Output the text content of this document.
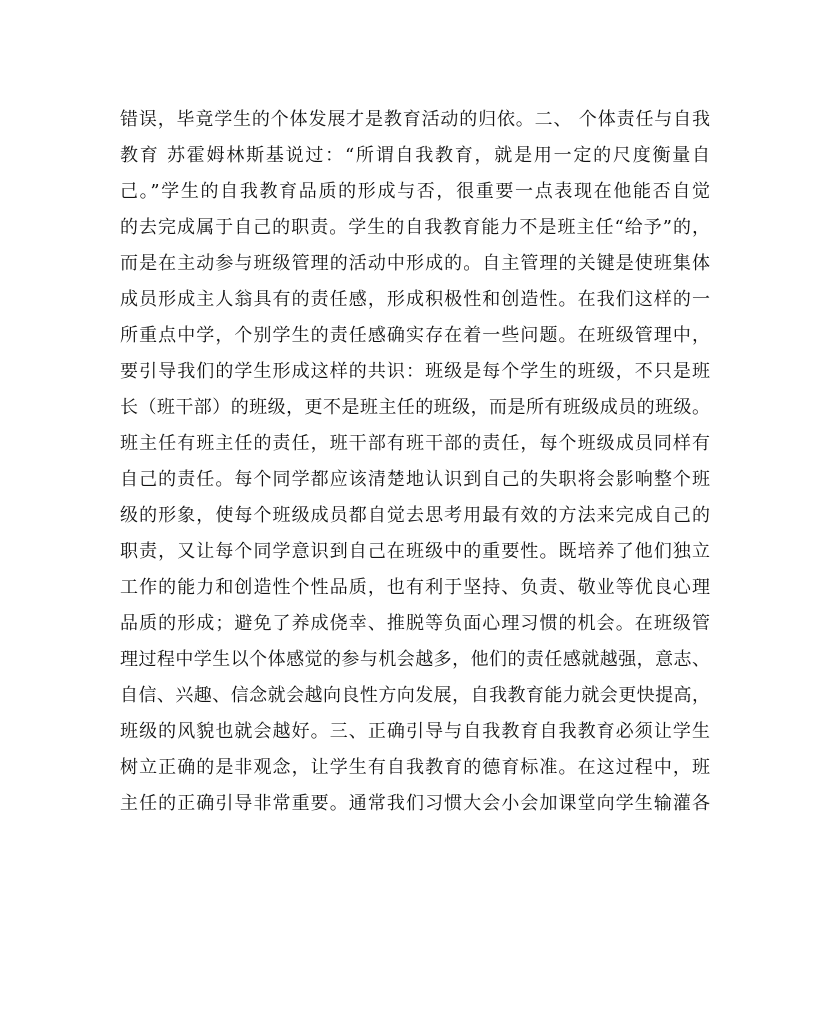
错误，毕竟学生的个体发展才是教育活动的归依。二、 个体责任与自我
教育 苏霍姆林斯基说过：“所谓自我教育，就是用一定的尺度衡量自
己。”学生的自我教育品质的形成与否，很重要一点表现在他能否自觉
的去完成属于自己的职责。学生的自我教育能力不是班主任“给予”的，
而是在主动参与班级管理的活动中形成的。自主管理的关键是使班集体
成员形成主人翁具有的责任感，形成积极性和创造性。在我们这样的一
所重点中学，个别学生的责任感确实存在着一些问题。在班级管理中，
要引导我们的学生形成这样的共识：班级是每个学生的班级，不只是班
长（班干部）的班级，更不是班主任的班级，而是所有班级成员的班级。
班主任有班主任的责任，班干部有班干部的责任，每个班级成员同样有
自己的责任。每个同学都应该清楚地认识到自己的失职将会影响整个班
级的形象，使每个班级成员都自觉去思考用最有效的方法来完成自己的
职责，又让每个同学意识到自己在班级中的重要性。既培养了他们独立
工作的能力和创造性个性品质，也有利于坚持、负责、敬业等优良心理
品质的形成；避免了养成侥幸、推脱等负面心理习惯的机会。在班级管
理过程中学生以个体感觉的参与机会越多，他们的责任感就越强，意志、
自信、兴趣、信念就会越向良性方向发展，自我教育能力就会更快提高，
班级的风貌也就会越好。三、正确引导与自我教育自我教育必须让学生
树立正确的是非观念，让学生有自我教育的德育标准。在这过程中，班
主任的正确引导非常重要。通常我们习惯大会小会加课堂向学生输灌各
